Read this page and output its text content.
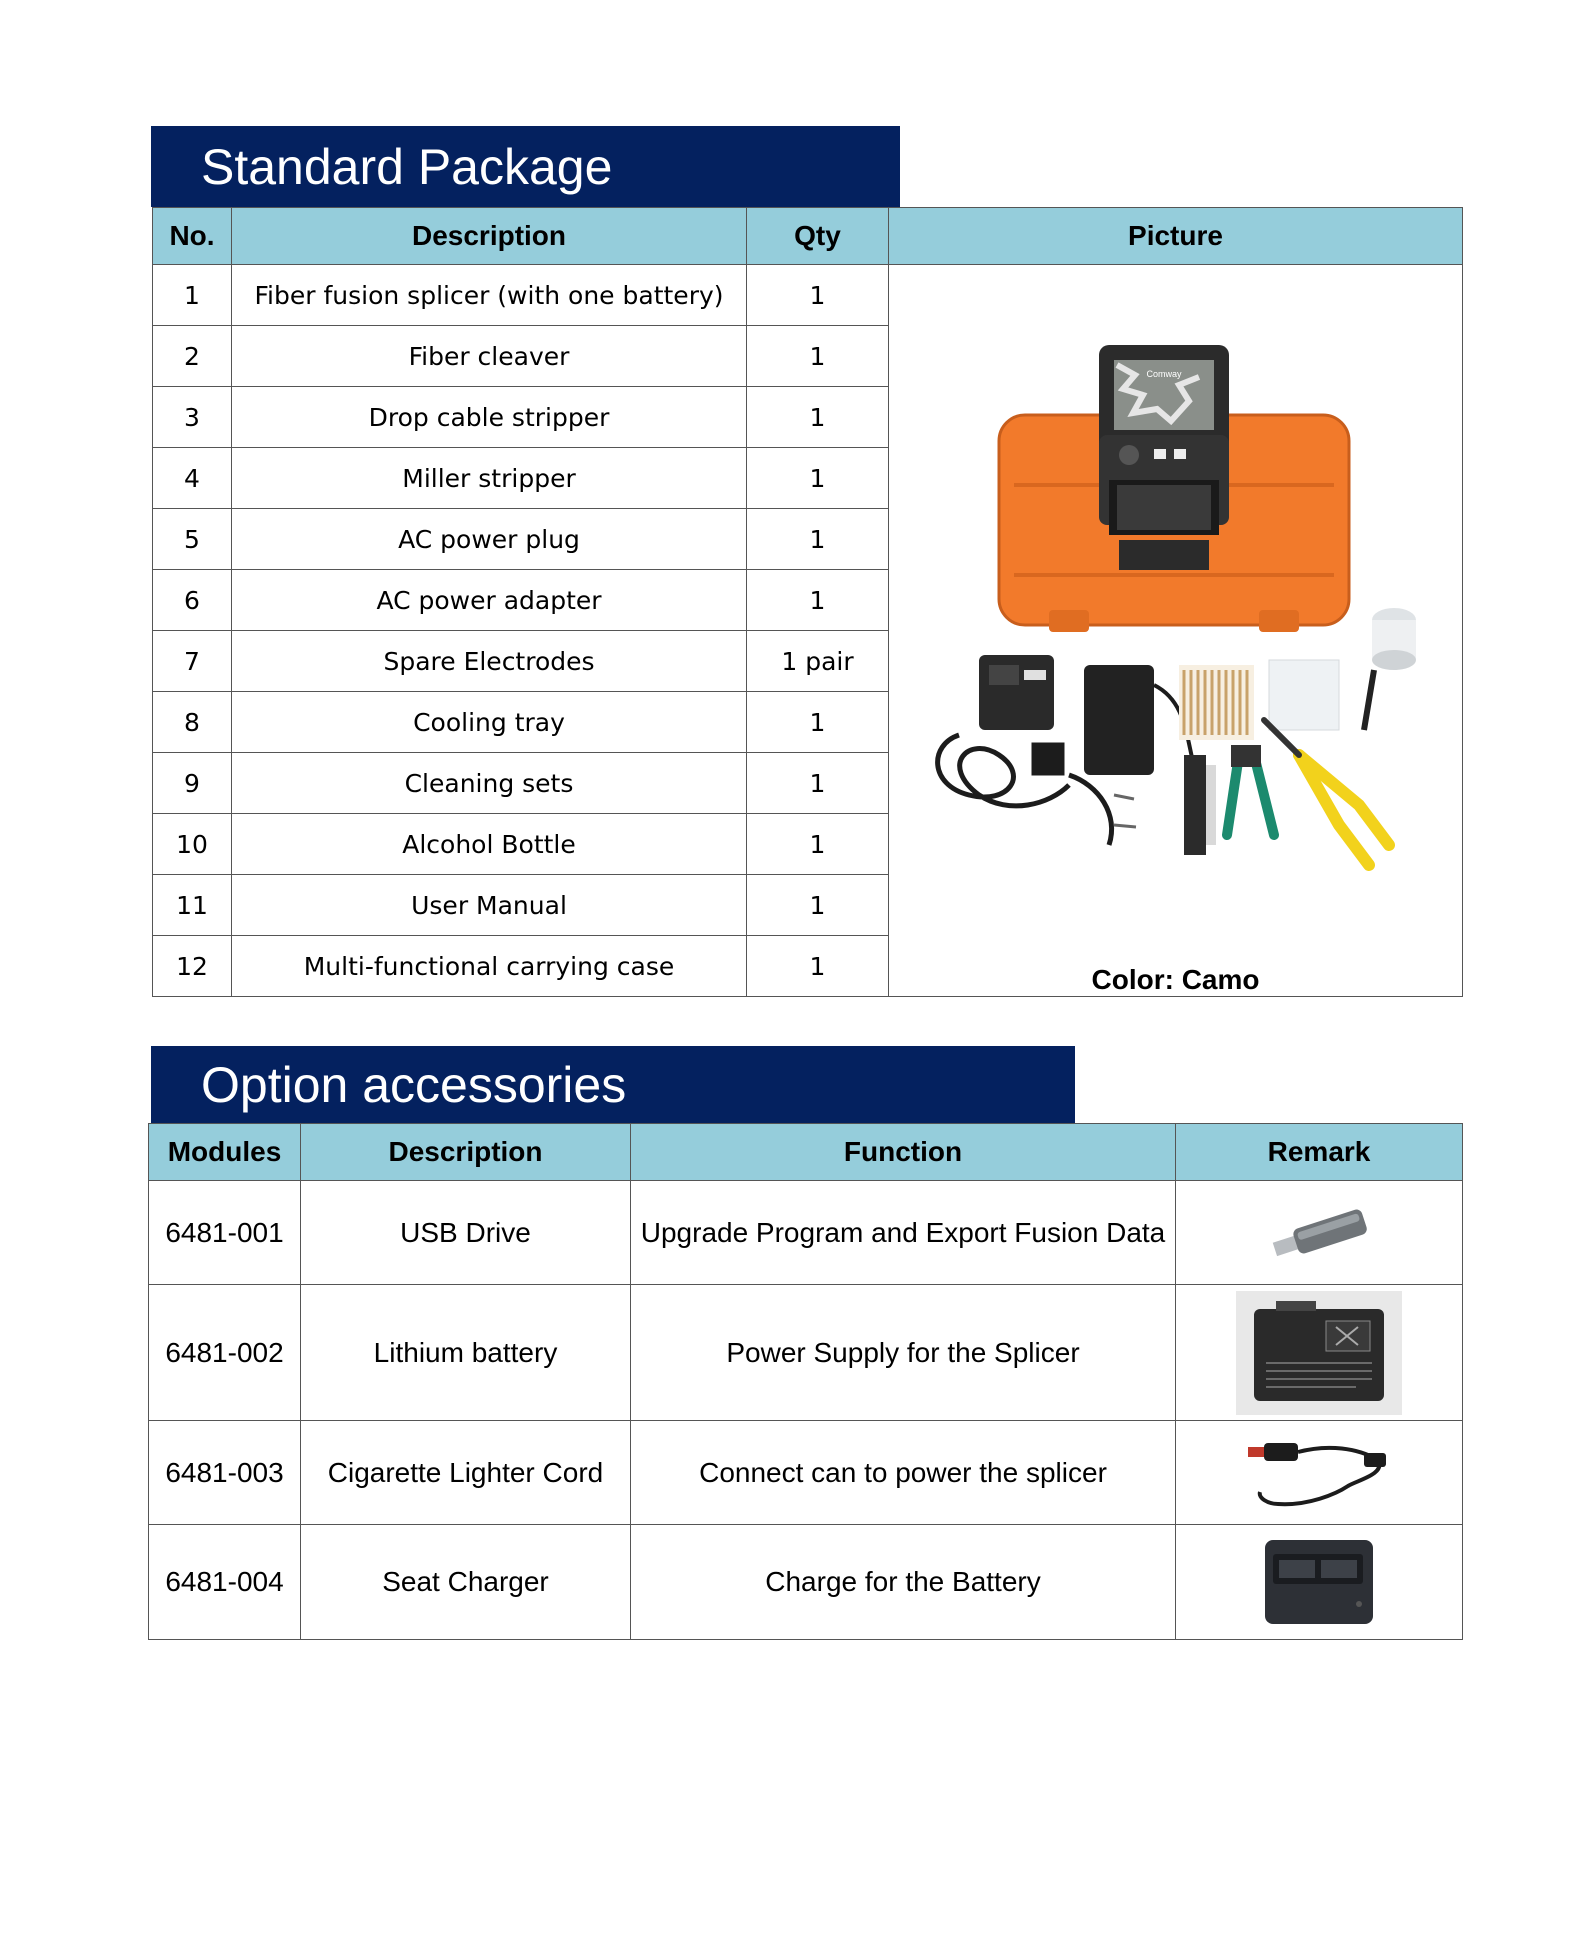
Standard Package
No.	Description	Qty	Picture
1	Fiber fusion splicer (with one battery)	1	Comway
Color: Camo

2	Fiber cleaver	1	
3	Drop cable stripper	1	
4	Miller stripper	1	
5	AC power plug	1	
6	AC power adapter	1	
7	Spare Electrodes	1 pair	
8	Cooling tray	1	
9	Cleaning sets	1	
10	Alcohol Bottle	1	
11	User Manual	1	
12	Multi-functional carrying case	1	
Option accessories
Modules	Description	Function	Remark
6481-001	USB Drive	Upgrade Program and Export Fusion Data	
6481-002	Lithium battery	Power Supply for the Splicer	
6481-003	Cigarette Lighter Cord	Connect can to power the splicer	
6481-004	Seat Charger	Charge for the Battery	
